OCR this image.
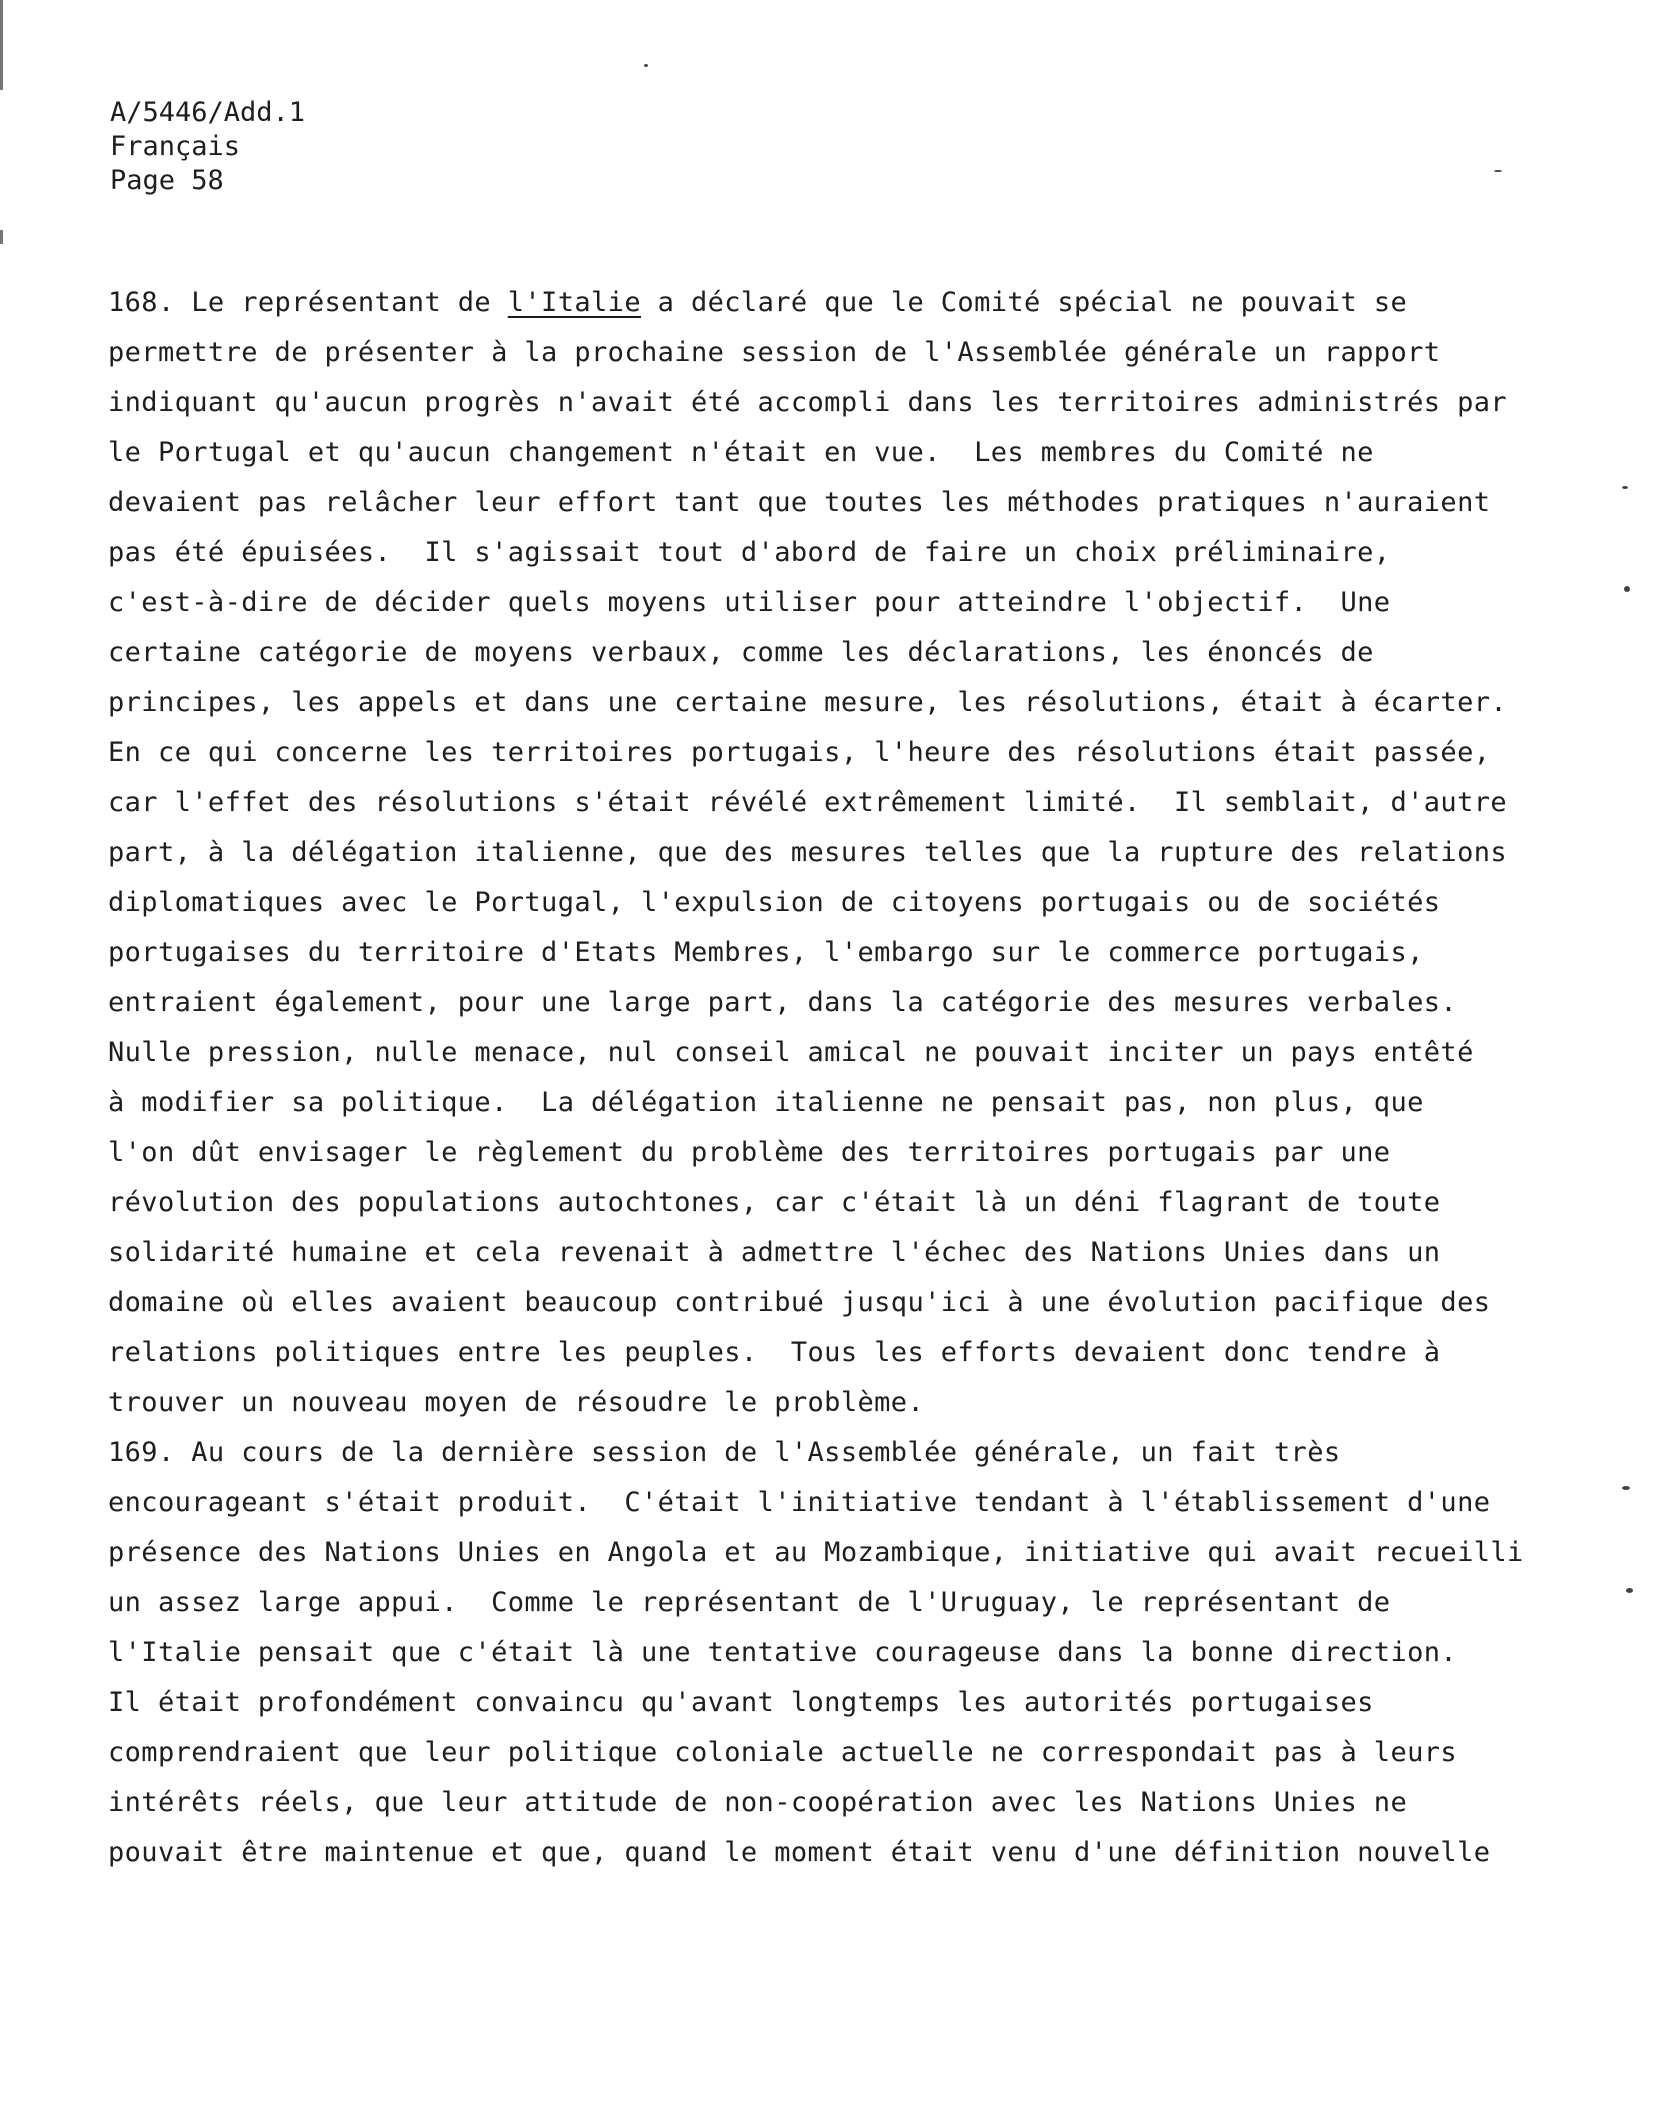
A/5446/Add.1
Français
Page 58
168. Le représentant de l'Italie a déclaré que le Comité spécial ne pouvait se
permettre de présenter à la prochaine session de l'Assemblée générale un rapport
indiquant qu'aucun progrès n'avait été accompli dans les territoires administrés par
le Portugal et qu'aucun changement n'était en vue.  Les membres du Comité ne
devaient pas relâcher leur effort tant que toutes les méthodes pratiques n'auraient
pas été épuisées.  Il s'agissait tout d'abord de faire un choix préliminaire,
c'est-à-dire de décider quels moyens utiliser pour atteindre l'objectif.  Une
certaine catégorie de moyens verbaux, comme les déclarations, les énoncés de
principes, les appels et dans une certaine mesure, les résolutions, était à écarter.
En ce qui concerne les territoires portugais, l'heure des résolutions était passée,
car l'effet des résolutions s'était révélé extrêmement limité.  Il semblait, d'autre
part, à la délégation italienne, que des mesures telles que la rupture des relations
diplomatiques avec le Portugal, l'expulsion de citoyens portugais ou de sociétés
portugaises du territoire d'Etats Membres, l'embargo sur le commerce portugais,
entraient également, pour une large part, dans la catégorie des mesures verbales.
Nulle pression, nulle menace, nul conseil amical ne pouvait inciter un pays entêté
à modifier sa politique.  La délégation italienne ne pensait pas, non plus, que
l'on dût envisager le règlement du problème des territoires portugais par une
révolution des populations autochtones, car c'était là un déni flagrant de toute
solidarité humaine et cela revenait à admettre l'échec des Nations Unies dans un
domaine où elles avaient beaucoup contribué jusqu'ici à une évolution pacifique des
relations politiques entre les peuples.  Tous les efforts devaient donc tendre à
trouver un nouveau moyen de résoudre le problème.
169. Au cours de la dernière session de l'Assemblée générale, un fait très
encourageant s'était produit.  C'était l'initiative tendant à l'établissement d'une
présence des Nations Unies en Angola et au Mozambique, initiative qui avait recueilli
un assez large appui.  Comme le représentant de l'Uruguay, le représentant de
l'Italie pensait que c'était là une tentative courageuse dans la bonne direction.
Il était profondément convaincu qu'avant longtemps les autorités portugaises
comprendraient que leur politique coloniale actuelle ne correspondait pas à leurs
intérêts réels, que leur attitude de non-coopération avec les Nations Unies ne
pouvait être maintenue et que, quand le moment était venu d'une définition nouvelle
